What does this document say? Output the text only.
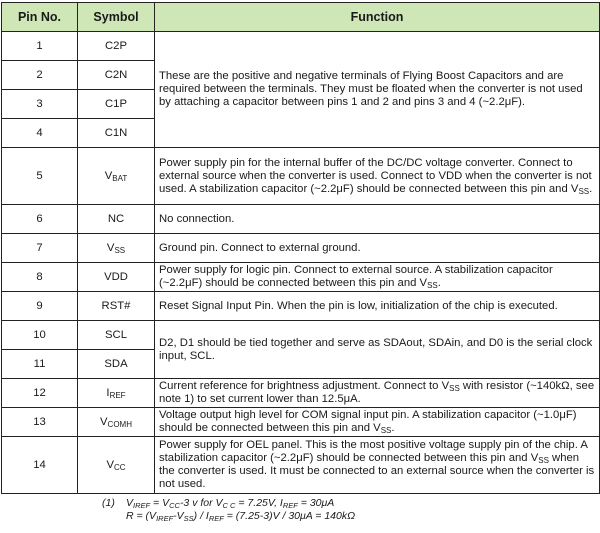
Pin No.	Symbol	Function
1	C2P	These are the positive and negative terminals of Flying Boost Capacitors and are required between the terminals. They must be floated when the converter is not used by attaching a capacitor between pins 1 and 2 and pins 3 and 4 (~2.2μF).
2	C2N	
3	C1P	
4	C1N	
5	$V_{BAT}$	Power supply pin for the internal buffer of the DC/DC voltage converter. Connect to external source when the converter is used. Connect to VDD when the converter is not used. A stabilization capacitor (~2.2μF) should be connected between this pin and $V_{SS}$.
6	NC	No connection.
7	$V_{SS}$	Ground pin. Connect to external ground.
8	VDD	Power supply for logic pin. Connect to external source. A stabilization capacitor (~2.2μF) should be connected between this pin and $V_{SS}$.
9	RST#	Reset Signal Input Pin. When the pin is low, initialization of the chip is executed.
10	SCL	D2, D1 should be tied together and serve as SDAout, SDAin, and D0 is the serial clock input, SCL.
11	SDA	
12	$I_{REF}$	Current reference for brightness adjustment. Connect to $V_{SS}$ with resistor (~140kΩ, see note 1) to set current lower than 12.5μA.
13	$V_{COMH}$	Voltage output high level for COM signal input pin. A stabilization capacitor (~1.0μF) should be connected between this pin and $V_{SS}$.
14	$V_{CC}$	Power supply for OEL panel. This is the most positive voltage supply pin of the chip. A stabilization capacitor (~2.2μF) should be connected between this pin and $V_{SS}$ when the converter is used. It must be connected to an external source when the converter is not used.
(1) $V_{IREF} = V_{CC}-3$ v for $V_{C C} = 7.25V$, $I_{REF} = 30\mu A$
$R = (V_{IREF}-V_{SS}) / I_{REF} = (7.25-3)V / 30\mu A = 140k\Omega$
